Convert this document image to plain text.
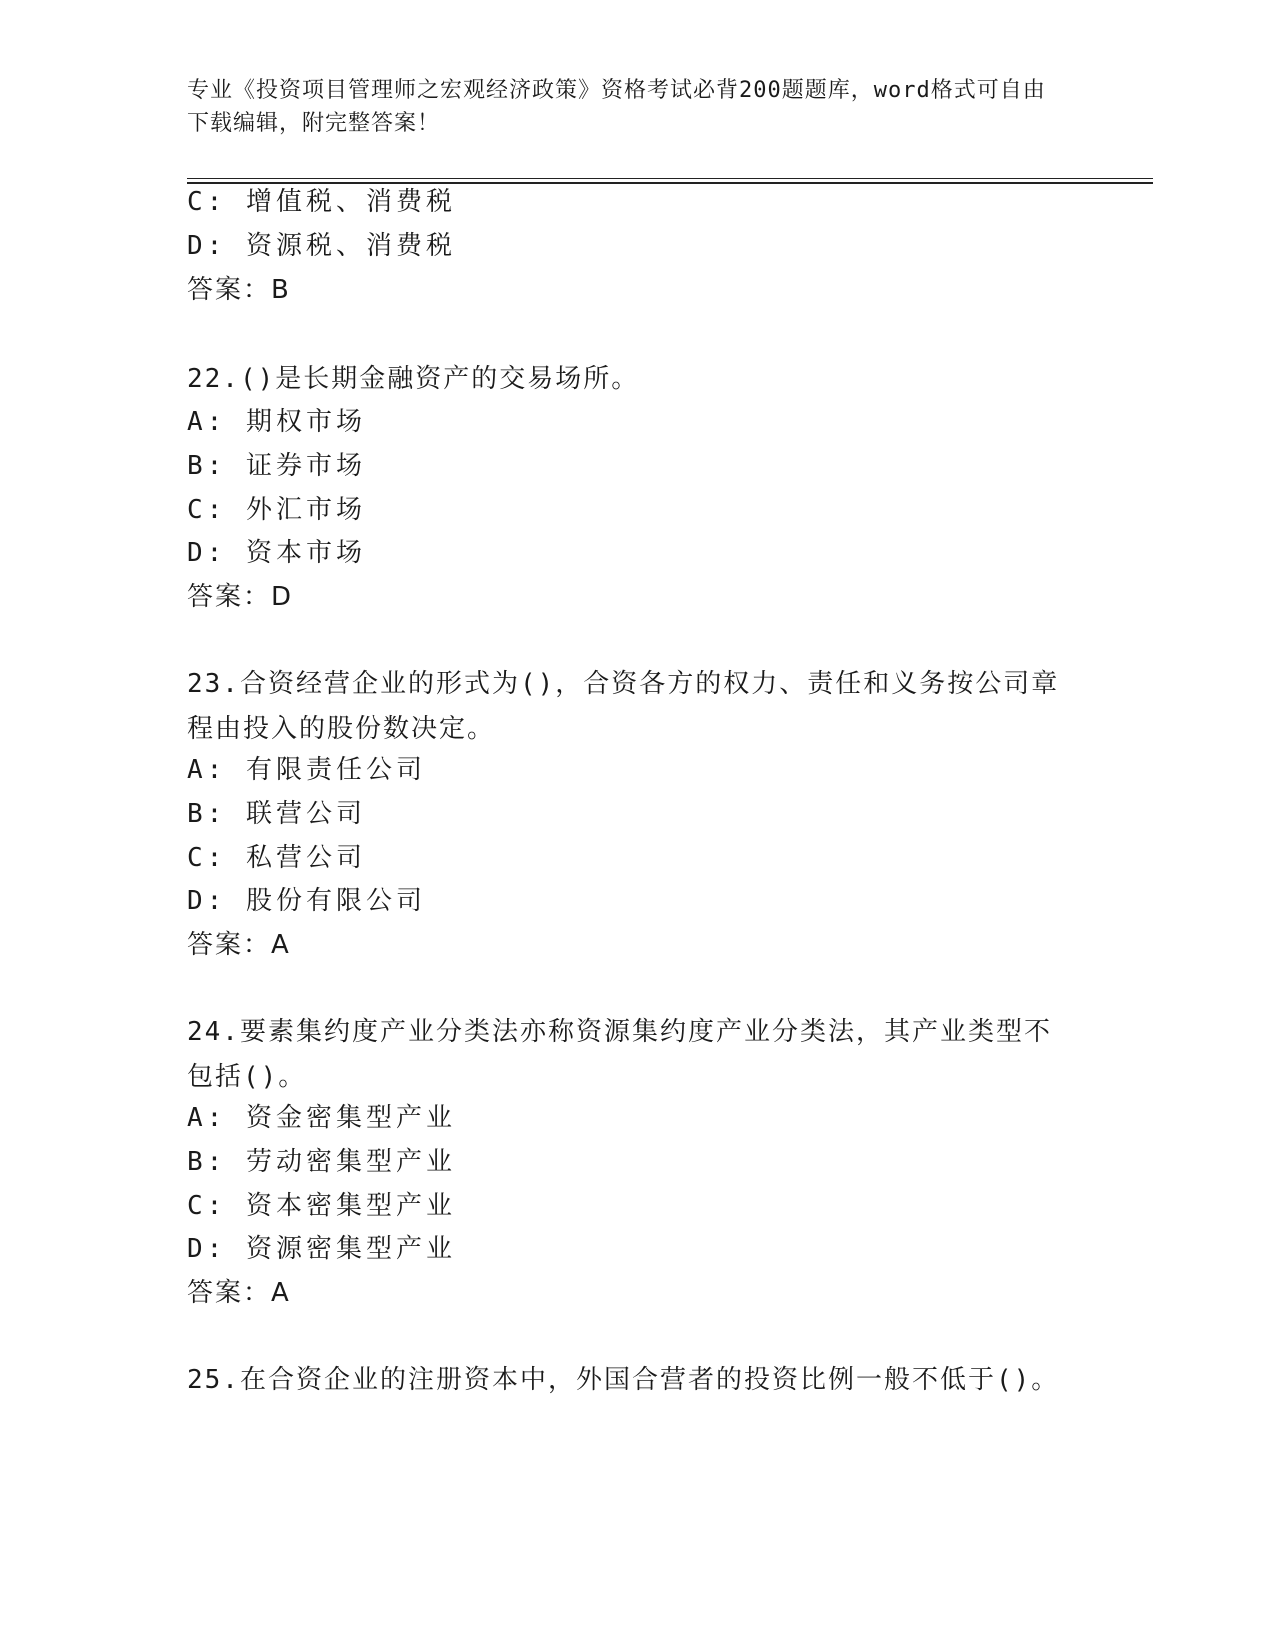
专业《投资项目管理师之宏观经济政策》资格考试必背200题题库，word格式可自由下载编辑，附完整答案！
C: 增值税、消费税
D: 资源税、消费税
答案：B
22.()是长期金融资产的交易场所。
A: 期权市场
B: 证券市场
C: 外汇市场
D: 资本市场
答案：D
23.合资经营企业的形式为()，合资各方的权力、责任和义务按公司章程由投入的股份数决定。
A: 有限责任公司
B: 联营公司
C: 私营公司
D: 股份有限公司
答案：A
24.要素集约度产业分类法亦称资源集约度产业分类法，其产业类型不包括()。
A: 资金密集型产业
B: 劳动密集型产业
C: 资本密集型产业
D: 资源密集型产业
答案：A
25.在合资企业的注册资本中，外国合营者的投资比例一般不低于()。
